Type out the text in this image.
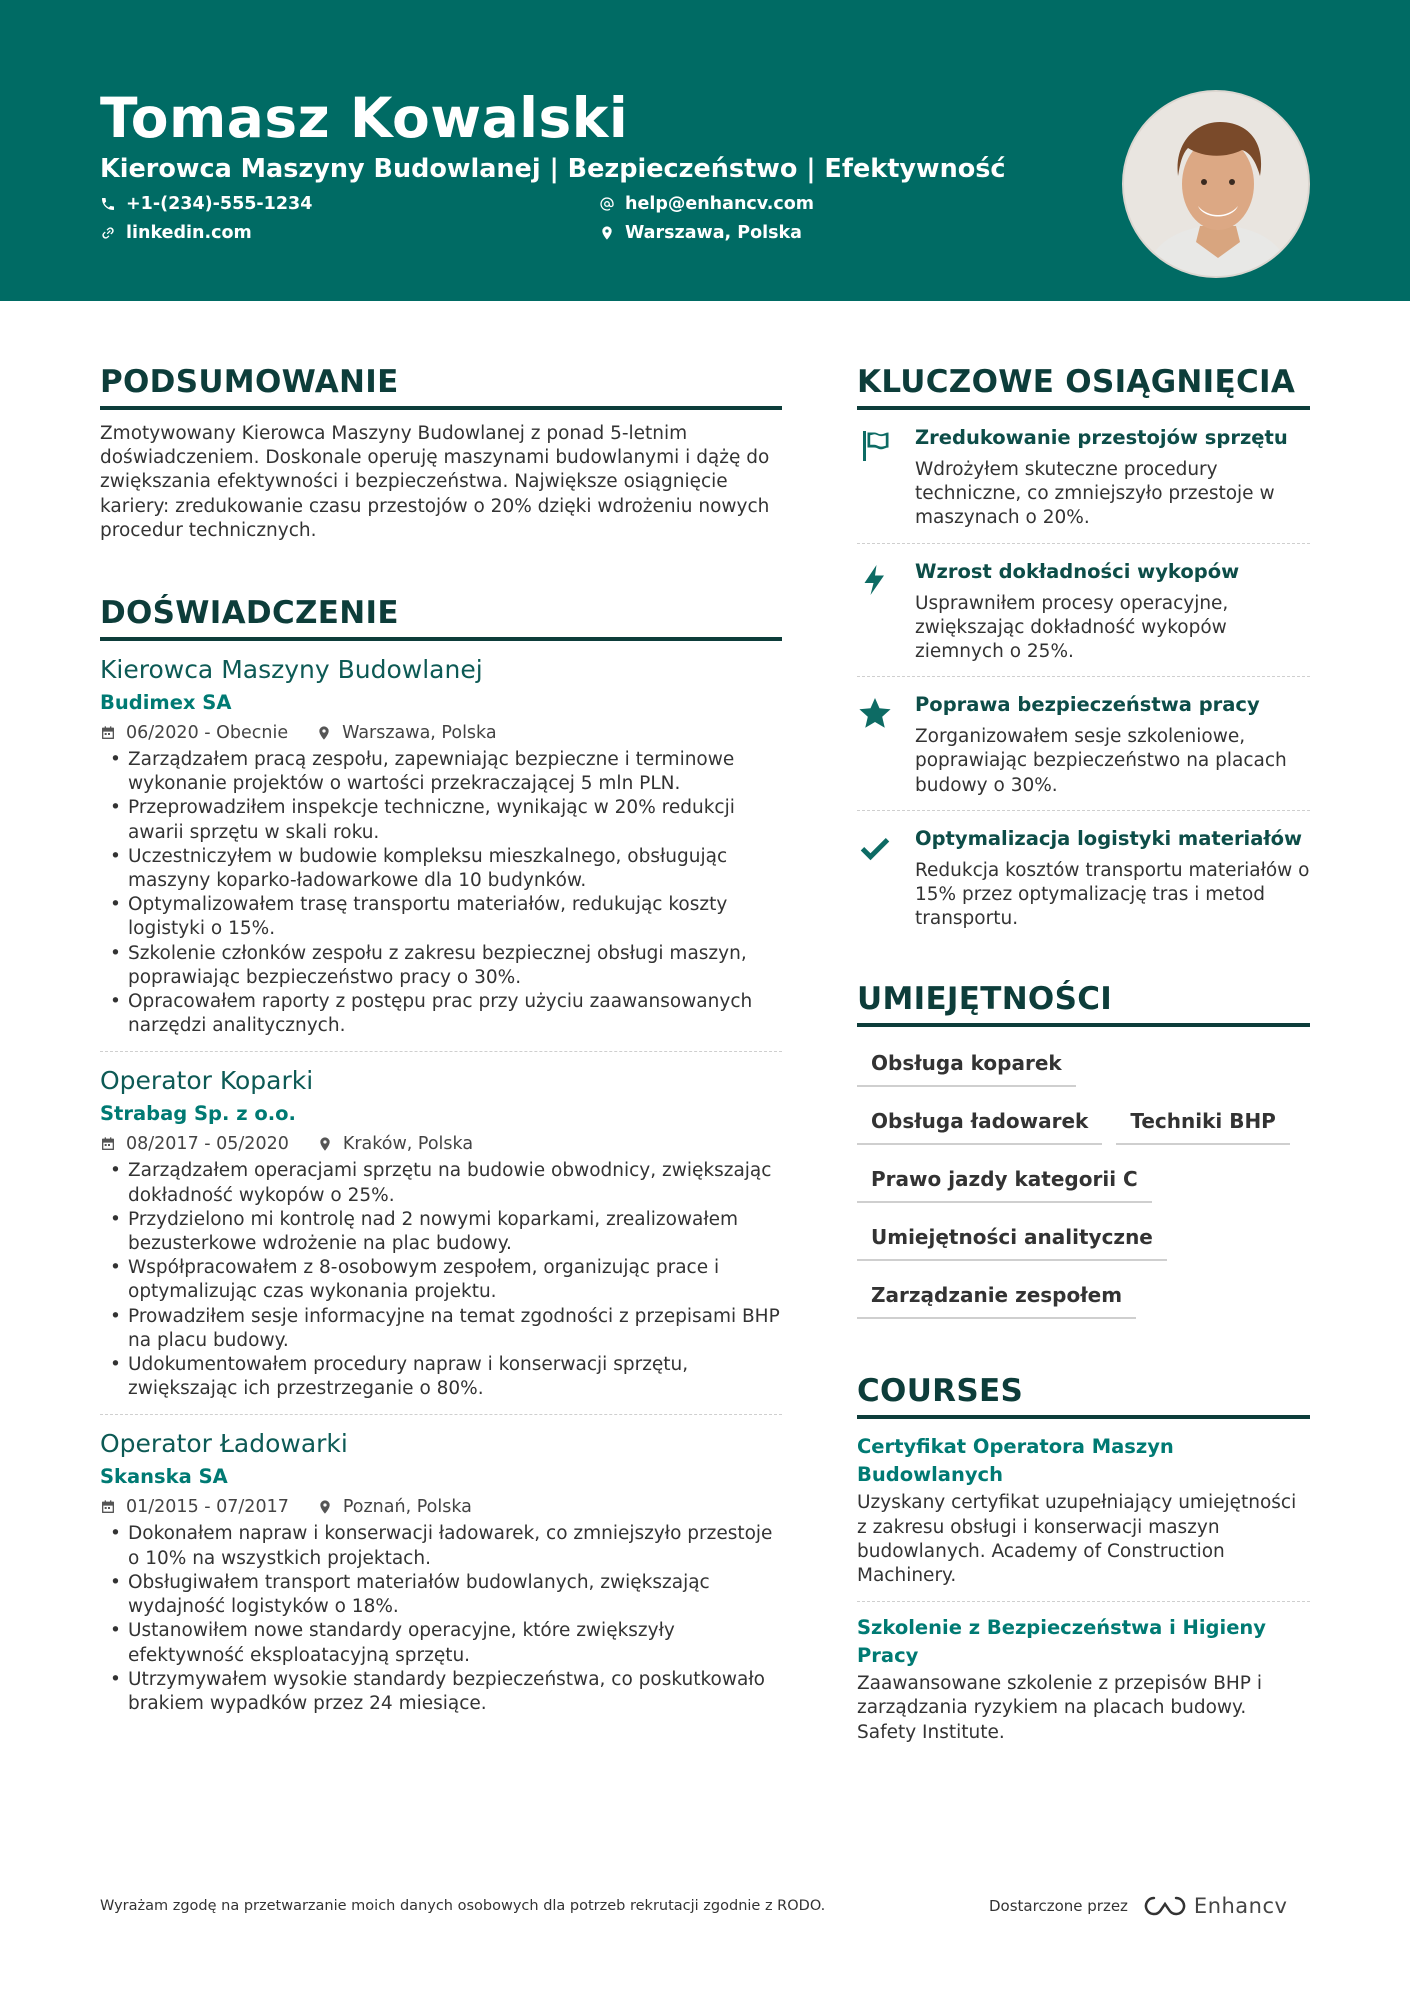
Tomasz Kowalski
Kierowca Maszyny Budowlanej | Bezpieczeństwo | Efektywność
+1-(234)-555-1234
linkedin.com
help@enhancv.com
Warszawa, Polska
PODSUMOWANIE
Zmotywowany Kierowca Maszyny Budowlanej z ponad 5-letnim doświadczeniem. Doskonale operuję maszynami budowlanymi i dążę do zwiększania efektywności i bezpieczeństwa. Największe osiągnięcie kariery: zredukowanie czasu przestojów o 20% dzięki wdrożeniu nowych procedur technicznych.
DOŚWIADCZENIE
Kierowca Maszyny Budowlanej
Budimex SA
06/2020 - Obecnie	Warszawa, Polska
• Zarządzałem pracą zespołu, zapewniając bezpieczne i terminowe wykonanie projektów o wartości przekraczającej 5 mln PLN.
• Przeprowadziłem inspekcje techniczne, wynikając w 20% redukcji awarii sprzętu w skali roku.
• Uczestniczyłem w budowie kompleksu mieszkalnego, obsługując maszyny koparko-ładowarkowe dla 10 budynków.
• Optymalizowałem trasę transportu materiałów, redukując koszty logistyki o 15%.
• Szkolenie członków zespołu z zakresu bezpiecznej obsługi maszyn, poprawiając bezpieczeństwo pracy o 30%.
• Opracowałem raporty z postępu prac przy użyciu zaawansowanych narzędzi analitycznych.
Operator Koparki
Strabag Sp. z o.o.
08/2017 - 05/2020	Kraków, Polska
• Zarządzałem operacjami sprzętu na budowie obwodnicy, zwiększając dokładność wykopów o 25%.
• Przydzielono mi kontrolę nad 2 nowymi koparkami, zrealizowałem bezusterkowe wdrożenie na plac budowy.
• Współpracowałem z 8-osobowym zespołem, organizując prace i optymalizując czas wykonania projektu.
• Prowadziłem sesje informacyjne na temat zgodności z przepisami BHP na placu budowy.
• Udokumentowałem procedury napraw i konserwacji sprzętu, zwiększając ich przestrzeganie o 80%.
Operator Ładowarki
Skanska SA
01/2015 - 07/2017	Poznań, Polska
• Dokonałem napraw i konserwacji ładowarek, co zmniejszyło przestoje o 10% na wszystkich projektach.
• Obsługiwałem transport materiałów budowlanych, zwiększając wydajność logistyków o 18%.
• Ustanowiłem nowe standardy operacyjne, które zwiększyły efektywność eksploatacyjną sprzętu.
• Utrzymywałem wysokie standardy bezpieczeństwa, co poskutkowało brakiem wypadków przez 24 miesiące.
KLUCZOWE OSIĄGNIĘCIA
Zredukowanie przestojów sprzętu
Wdrożyłem skuteczne procedury techniczne, co zmniejszyło przestoje w maszynach o 20%.
Wzrost dokładności wykopów
Usprawniłem procesy operacyjne, zwiększając dokładność wykopów ziemnych o 25%.
Poprawa bezpieczeństwa pracy
Zorganizowałem sesje szkoleniowe, poprawiając bezpieczeństwo na placach budowy o 30%.
Optymalizacja logistyki materiałów
Redukcja kosztów transportu materiałów o 15% przez optymalizację tras i metod transportu.
UMIEJĘTNOŚCI
Obsługa koparek
Obsługa ładowarek	Techniki BHP
Prawo jazdy kategorii C
Umiejętności analityczne
Zarządzanie zespołem
COURSES
Certyfikat Operatora Maszyn Budowlanych
Uzyskany certyfikat uzupełniający umiejętności z zakresu obsługi i konserwacji maszyn budowlanych. Academy of Construction Machinery.
Szkolenie z Bezpieczeństwa i Higieny Pracy
Zaawansowane szkolenie z przepisów BHP i zarządzania ryzykiem na placach budowy. Safety Institute.
Wyrażam zgodę na przetwarzanie moich danych osobowych dla potrzeb rekrutacji zgodnie z RODO.	Dostarczone przez	Enhancv
